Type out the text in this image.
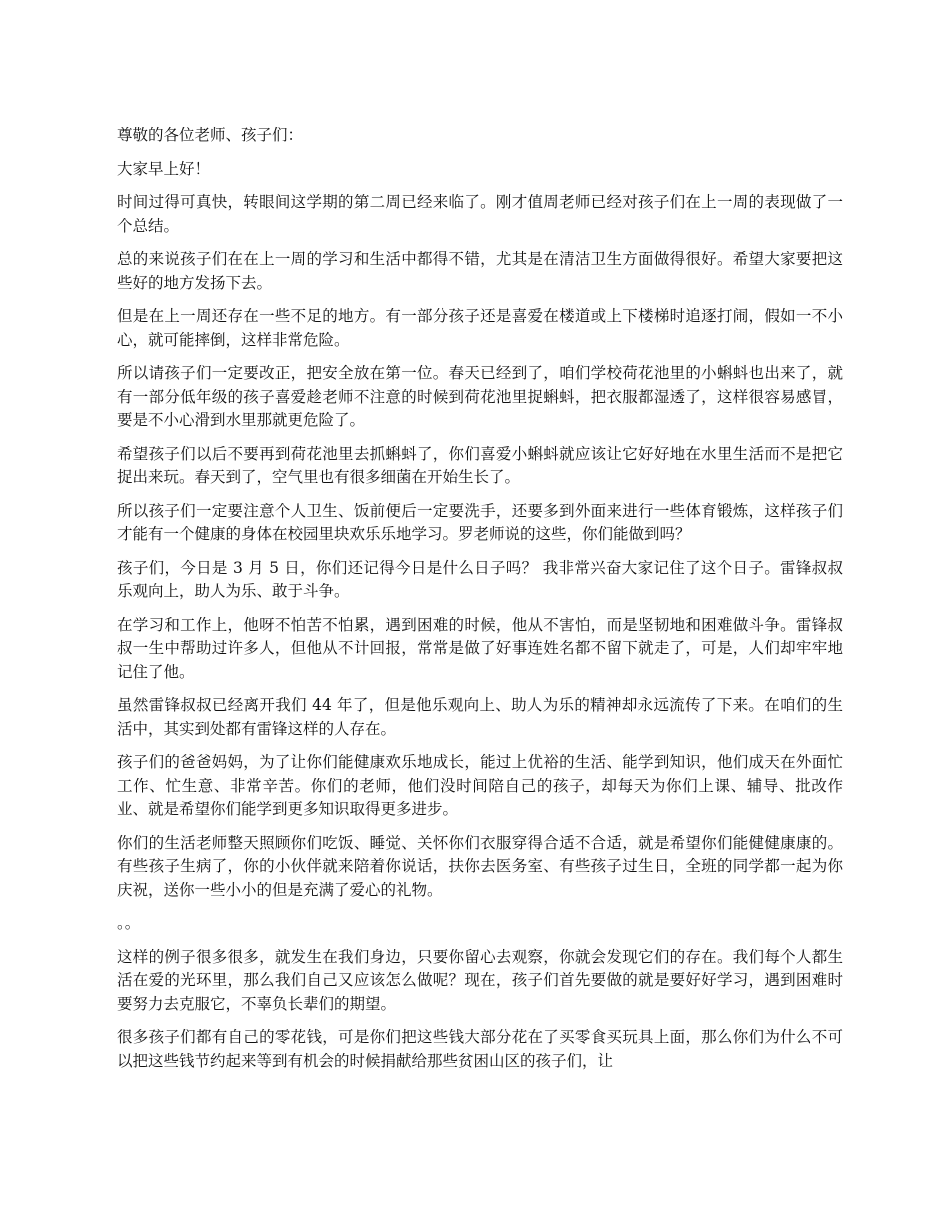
尊敬的各位老师、孩子们：

大家早上好！

时间过得可真快，转眼间这学期的第二周已经来临了。刚才值周老师已经对孩子们在上一周的表现做了一个总结。

总的来说孩子们在在上一周的学习和生活中都得不错，尤其是在清洁卫生方面做得很好。希望大家要把这些好的地方发扬下去。

但是在上一周还存在一些不足的地方。有一部分孩子还是喜爱在楼道或上下楼梯时追逐打闹，假如一不小心，就可能摔倒，这样非常危险。

所以请孩子们一定要改正，把安全放在第一位。春天已经到了，咱们学校荷花池里的小蝌蚪也出来了，就有一部分低年级的孩子喜爱趁老师不注意的时候到荷花池里捉蝌蚪，把衣服都湿透了，这样很容易感冒，要是不小心滑到水里那就更危险了。

希望孩子们以后不要再到荷花池里去抓蝌蚪了，你们喜爱小蝌蚪就应该让它好好地在水里生活而不是把它捉出来玩。春天到了，空气里也有很多细菌在开始生长了。

所以孩子们一定要注意个人卫生、饭前便后一定要洗手，还要多到外面来进行一些体育锻炼，这样孩子们才能有一个健康的身体在校园里块欢乐乐地学习。罗老师说的这些，你们能做到吗？

孩子们，今日是 3 月 5 日，你们还记得今日是什么日子吗？ 我非常兴奋大家记住了这个日子。雷锋叔叔乐观向上，助人为乐、敢于斗争。

在学习和工作上，他呀不怕苦不怕累，遇到困难的时候，他从不害怕，而是坚韧地和困难做斗争。雷锋叔叔一生中帮助过许多人，但他从不计回报，常常是做了好事连姓名都不留下就走了，可是，人们却牢牢地记住了他。

虽然雷锋叔叔已经离开我们 44 年了，但是他乐观向上、助人为乐的精神却永远流传了下来。在咱们的生活中，其实到处都有雷锋这样的人存在。

孩子们的爸爸妈妈，为了让你们能健康欢乐地成长，能过上优裕的生活、能学到知识，他们成天在外面忙工作、忙生意、非常辛苦。你们的老师，他们没时间陪自己的孩子，却每天为你们上课、辅导、批改作业、就是希望你们能学到更多知识取得更多进步。

你们的生活老师整天照顾你们吃饭、睡觉、关怀你们衣服穿得合适不合适，就是希望你们能健健康康的。有些孩子生病了，你的小伙伴就来陪着你说话，扶你去医务室、有些孩子过生日，全班的同学都一起为你庆祝，送你一些小小的但是充满了爱心的礼物。

。。

这样的例子很多很多，就发生在我们身边，只要你留心去观察，你就会发现它们的存在。我们每个人都生活在爱的光环里，那么我们自己又应该怎么做呢？现在，孩子们首先要做的就是要好好学习，遇到困难时要努力去克服它，不辜负长辈们的期望。

很多孩子们都有自己的零花钱，可是你们把这些钱大部分花在了买零食买玩具上面，那么你们为什么不可以把这些钱节约起来等到有机会的时候捐献给那些贫困山区的孩子们，让
